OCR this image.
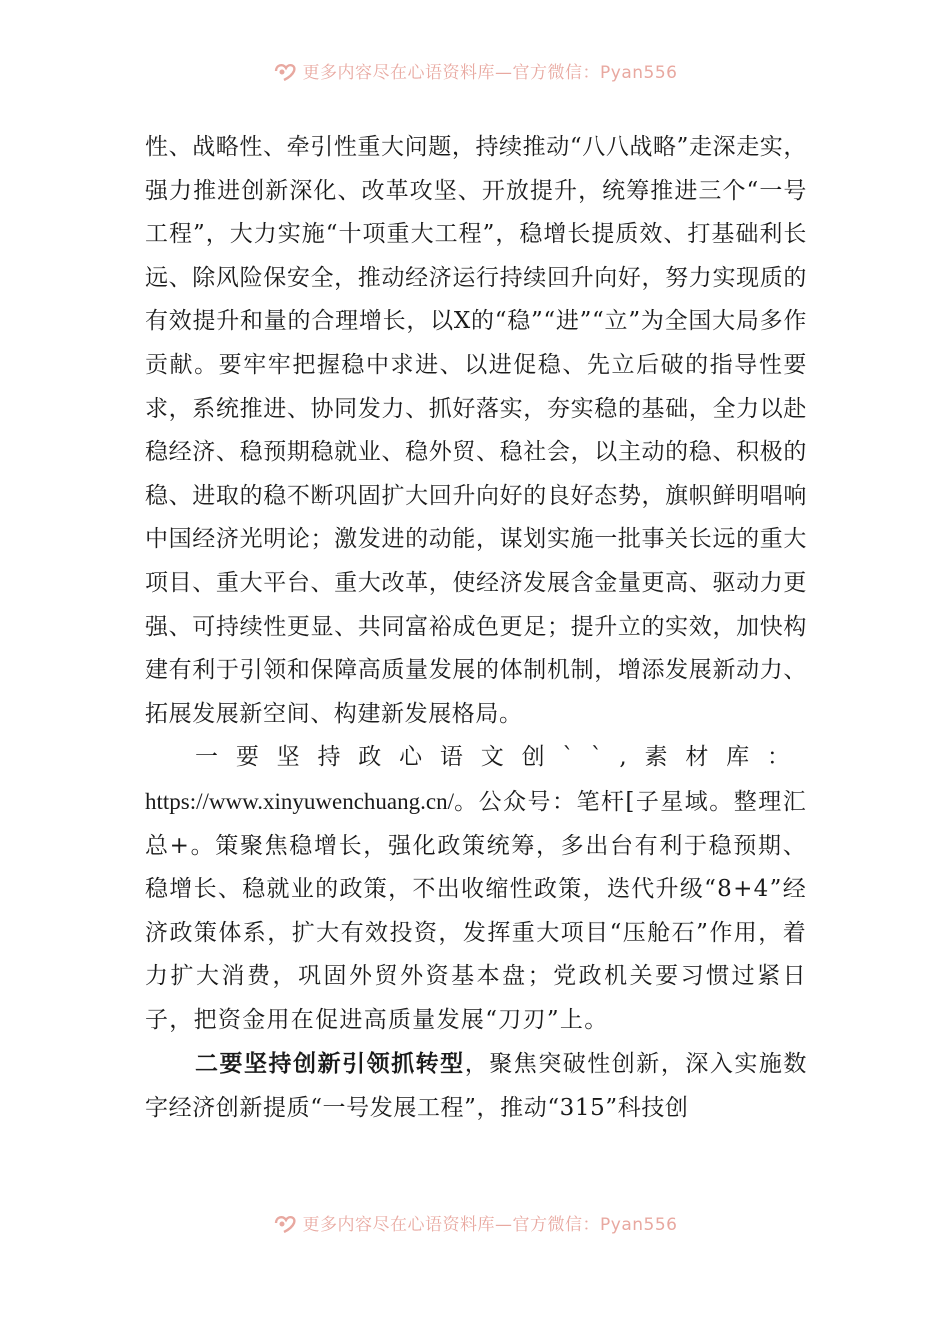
更多内容尽在心语资料库—官方微信：Pyan556

性、战略性、牵引性重大问题，持续推动“八八战略”走深走实，强力推进创新深化、改革攻坚、开放提升，统筹推进三个“一号工程”，大力实施“十项重大工程”，稳增长提质效、打基础利长远、除风险保安全，推动经济运行持续回升向好，努力实现质的有效提升和量的合理增长，以X的“稳”“进”“立”为全国大局多作贡献。要牢牢把握稳中求进、以进促稳、先立后破的指导性要求，系统推进、协同发力、抓好落实，夯实稳的基础，全力以赴稳经济、稳预期稳就业、稳外贸、稳社会，以主动的稳、积极的稳、进取的稳不断巩固扩大回升向好的良好态势，旗帜鲜明唱响中国经济光明论；激发进的动能，谋划实施一批事关长远的重大项目、重大平台、重大改革，使经济发展含金量更高、驱动力更强、可持续性更显、共同富裕成色更足；提升立的实效，加快构建有利于引领和保障高质量发展的体制机制，增添发展新动力、拓展发展新空间、构建新发展格局。

一要坚持政心语文创``,素材库：https://www.xinyuwenchuang.cn/。公众号：笔杆[子星域。整理汇总+。策聚焦稳增长，强化政策统筹，多出台有利于稳预期、稳增长、稳就业的政策，不出收缩性政策，迭代升级“8+4”经济政策体系，扩大有效投资，发挥重大项目“压舱石”作用，着力扩大消费，巩固外贸外资基本盘；党政机关要习惯过紧日子，把资金用在促进高质量发展“刀刃”上。

二要坚持创新引领抓转型，聚焦突破性创新，深入实施数字经济创新提质“一号发展工程”，推动“315”科技创

更多内容尽在心语资料库—官方微信：Pyan556
